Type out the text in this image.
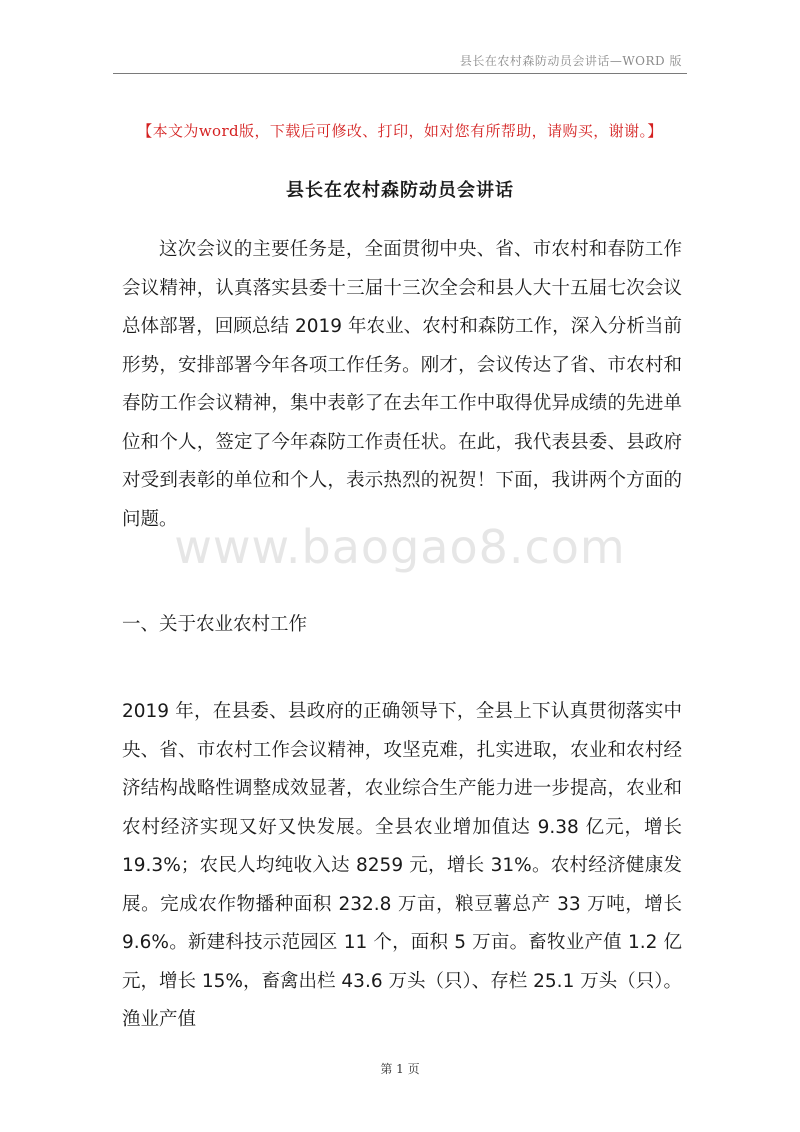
县长在农村森防动员会讲话—WORD 版
【本文为word版，下载后可修改、打印，如对您有所帮助，请购买，谢谢。】
县长在农村森防动员会讲话

这次会议的主要任务是，全面贯彻中央、省、市农村和春防工作会议精神，认真落实县委十三届十三次全会和县人大十五届七次会议总体部署，回顾总结 2019 年农业、农村和森防工作，深入分析当前形势，安排部署今年各项工作任务。刚才，会议传达了省、市农村和春防工作会议精神，集中表彰了在去年工作中取得优异成绩的先进单位和个人，签定了今年森防工作责任状。在此，我代表县委、县政府对受到表彰的单位和个人，表示热烈的祝贺！下面，我讲两个方面的问题。

www.baogao8.com

一、关于农业农村工作

2019 年，在县委、县政府的正确领导下，全县上下认真贯彻落实中央、省、市农村工作会议精神，攻坚克难，扎实进取，农业和农村经济结构战略性调整成效显著，农业综合生产能力进一步提高，农业和农村经济实现又好又快发展。全县农业增加值达 9.38 亿元，增长 19.3%；农民人均纯收入达 8259 元，增长 31%。农村经济健康发展。完成农作物播种面积 232.8 万亩，粮豆薯总产 33 万吨，增长 9.6%。新建科技示范园区 11 个，面积 5 万亩。畜牧业产值 1.2 亿元，增长 15%，畜禽出栏 43.6 万头（只）、存栏 25.1 万头（只）。渔业产值

第 1 页
